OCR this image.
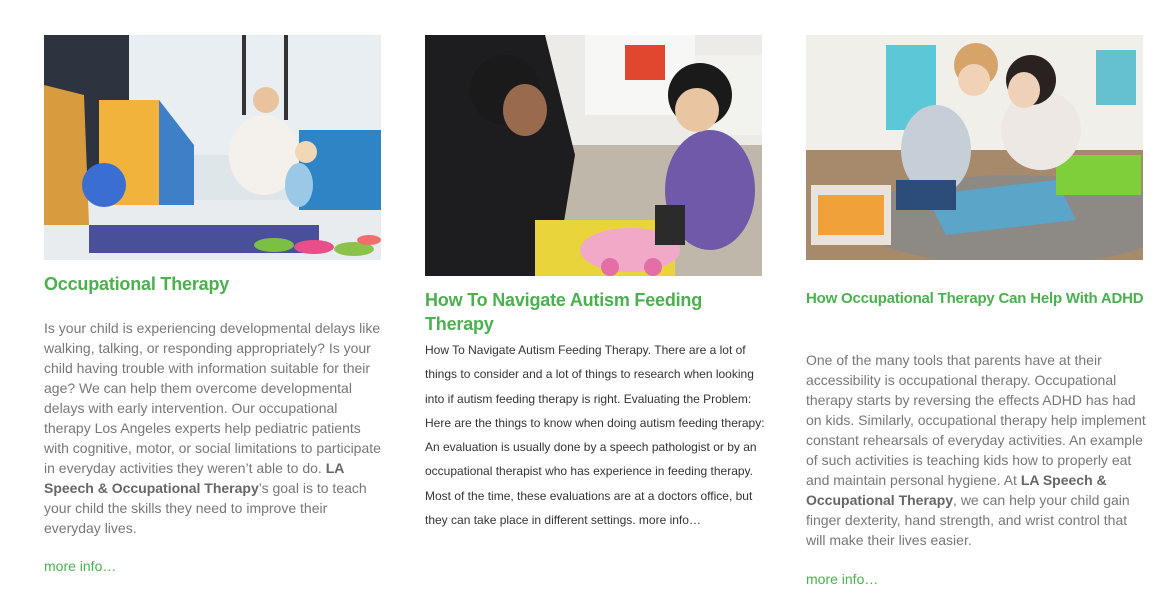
Occupational Therapy

Is your child is experiencing developmental delays like walking, talking, or responding appropriately? Is your child having trouble with information suitable for their age? We can help them overcome developmental delays with early intervention. Our occupational therapy Los Angeles experts help pediatric patients with cognitive, motor, or social limitations to participate in everyday activities they weren’t able to do. LA Speech & Occupational Therapy’s goal is to teach your child the skills they need to improve their everyday lives.

more info…
How To Navigate Autism Feeding Therapy

How To Navigate Autism Feeding Therapy. There are a lot of things to consider and a lot of things to research when looking into if autism feeding therapy is right. Evaluating the Problem: Here are the things to know when doing autism feeding therapy: An evaluation is usually done by a speech pathologist or by an occupational therapist who has experience in feeding therapy. Most of the time, these evaluations are at a doctors office, but they can take place in different settings. more info…

How Occupational Therapy Can Help With ADHD

One of the many tools that parents have at their accessibility is occupational therapy. Occupational therapy starts by reversing the effects ADHD has had on kids. Similarly, occupational therapy help implement constant rehearsals of everyday activities. An example of such activities is teaching kids how to properly eat and maintain personal hygiene. At LA Speech & Occupational Therapy, we can help your child gain finger dexterity, hand strength, and wrist control that will make their lives easier.

more info…
